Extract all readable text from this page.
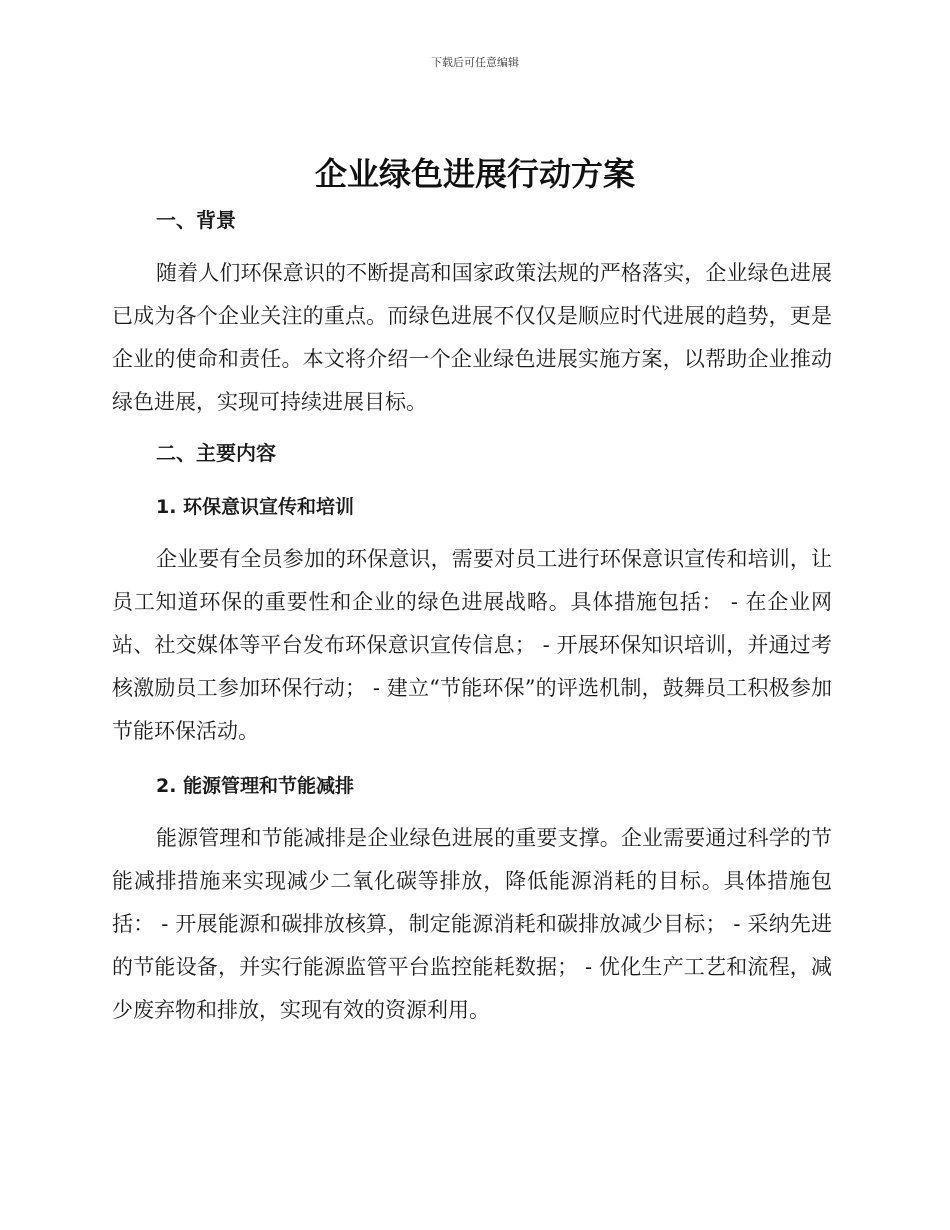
下载后可任意编辑
企业绿色进展行动方案
一、背景

随着人们环保意识的不断提高和国家政策法规的严格落实，企业绿色进展已成为各个企业关注的重点。而绿色进展不仅仅是顺应时代进展的趋势，更是企业的使命和责任。本文将介绍一个企业绿色进展实施方案，以帮助企业推动绿色进展，实现可持续进展目标。

二、主要内容
1. 环保意识宣传和培训

企业要有全员参加的环保意识，需要对员工进行环保意识宣传和培训，让员工知道环保的重要性和企业的绿色进展战略。具体措施包括： - 在企业网站、社交媒体等平台发布环保意识宣传信息； - 开展环保知识培训，并通过考核激励员工参加环保行动； - 建立“节能环保”的评选机制，鼓舞员工积极参加节能环保活动。

2. 能源管理和节能减排

能源管理和节能减排是企业绿色进展的重要支撑。企业需要通过科学的节能减排措施来实现减少二氧化碳等排放，降低能源消耗的目标。具体措施包括： - 开展能源和碳排放核算，制定能源消耗和碳排放减少目标； - 采纳先进的节能设备，并实行能源监管平台监控能耗数据； - 优化生产工艺和流程，减少废弃物和排放，实现有效的资源利用。
